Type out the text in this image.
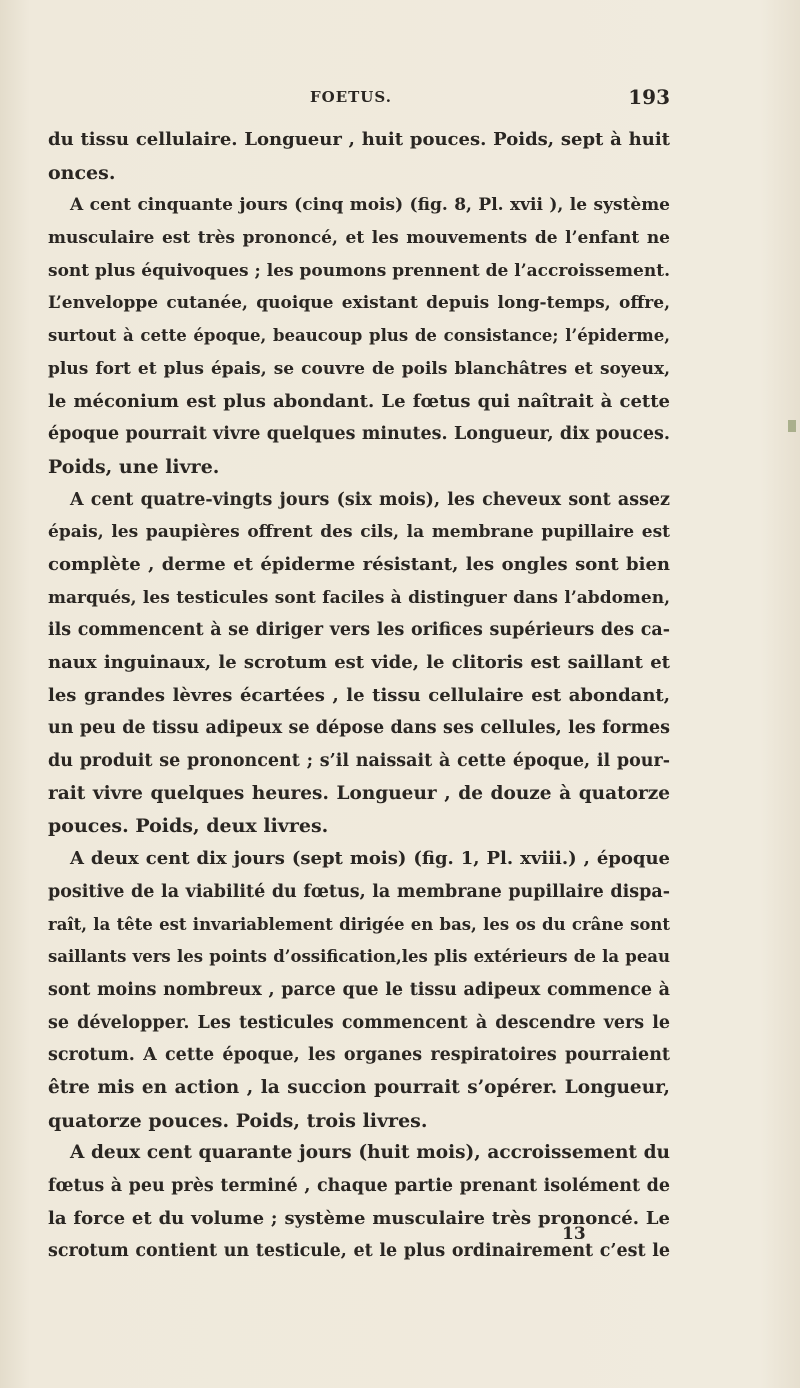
FOETUS.	193
du tissu cellulaire. Longueur , huit pouces. Poids, sept à huit
onces.
A cent cinquante jours (cinq mois) (fig. 8, Pl. xvii ), le système
musculaire est très prononcé, et les mouvements de l’enfant ne
sont plus équivoques ; les poumons prennent de l’accroissement.
L’enveloppe cutanée, quoique existant depuis long-temps, offre,
surtout à cette époque, beaucoup plus de consistance; l’épiderme,
plus fort et plus épais, se couvre de poils blanchâtres et soyeux,
le méconium est plus abondant. Le fœtus qui naîtrait à cette
époque pourrait vivre quelques minutes. Longueur, dix pouces.
Poids, une livre.
A cent quatre-vingts jours (six mois), les cheveux sont assez
épais, les paupières offrent des cils, la membrane pupillaire est
complète , derme et épiderme résistant, les ongles sont bien
marqués, les testicules sont faciles à distinguer dans l’abdomen,
ils commencent à se diriger vers les orifices supérieurs des ca-
naux inguinaux, le scrotum est vide, le clitoris est saillant et
les grandes lèvres écartées , le tissu cellulaire est abondant,
un peu de tissu adipeux se dépose dans ses cellules, les formes
du produit se prononcent ; s’il naissait à cette époque, il pour-
rait vivre quelques heures. Longueur , de douze à quatorze
pouces. Poids, deux livres.
A deux cent dix jours (sept mois) (fig. 1, Pl. xviii.) , époque
positive de la viabilité du fœtus, la membrane pupillaire dispa-
raît, la tête est invariablement dirigée en bas, les os du crâne sont
saillants vers les points d’ossification,les plis extérieurs de la peau
sont moins nombreux , parce que le tissu adipeux commence à
se développer. Les testicules commencent à descendre vers le
scrotum. A cette époque, les organes respiratoires pourraient
être mis en action , la succion pourrait s’opérer. Longueur,
quatorze pouces. Poids, trois livres.
A deux cent quarante jours (huit mois), accroissement du
fœtus à peu près terminé , chaque partie prenant isolément de
la force et du volume ; système musculaire très prononcé. Le
scrotum contient un testicule, et le plus ordinairement c’est le
13
